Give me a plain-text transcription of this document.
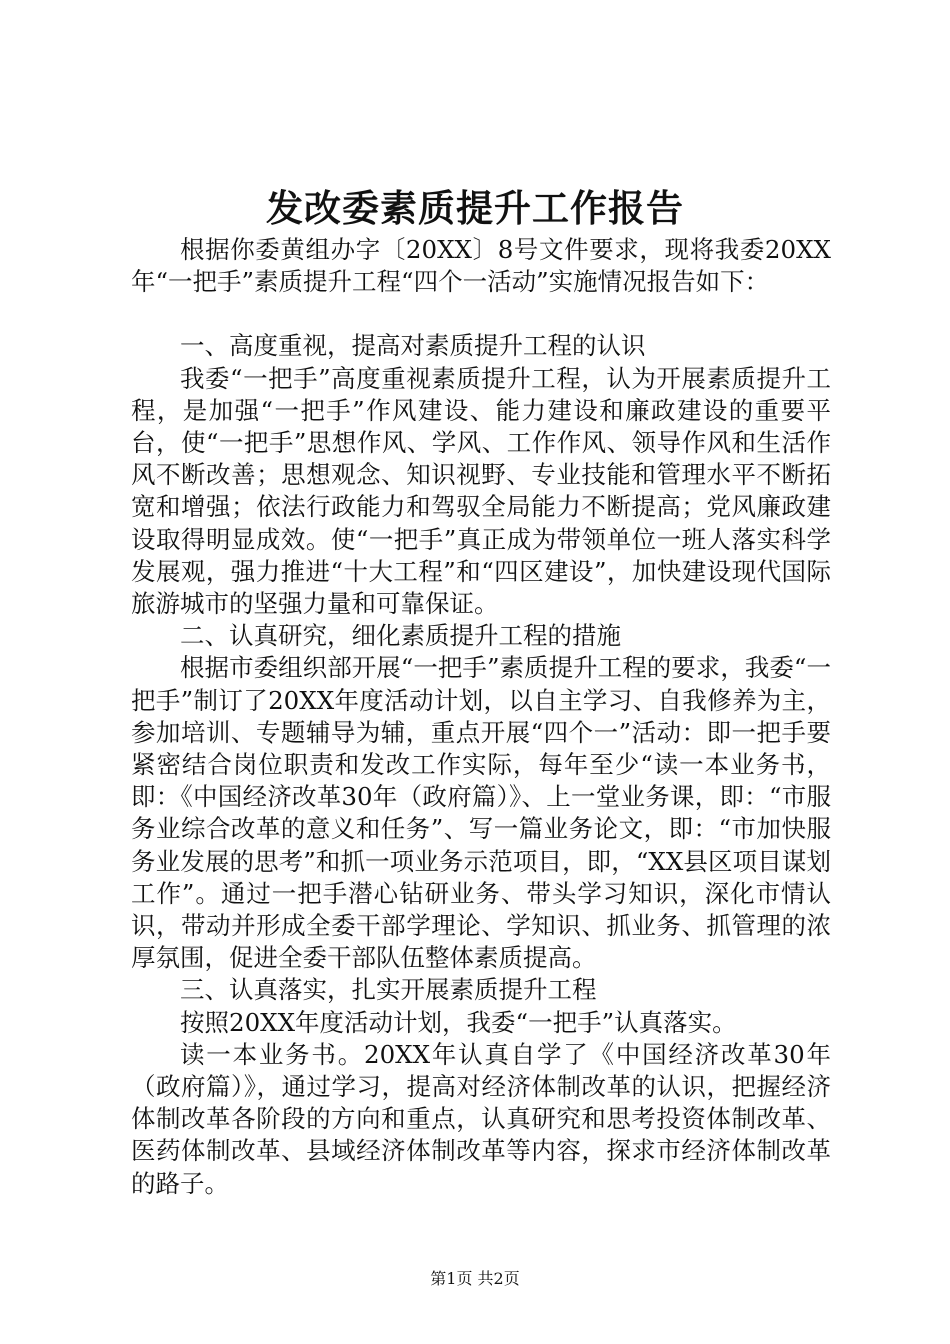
发改委素质提升工作报告

根据你委黄组办字〔20XX〕8号文件要求，现将我委20XX年“一把手”素质提升工程“四个一活动”实施情况报告如下：

一、高度重视，提高对素质提升工程的认识

我委“一把手”高度重视素质提升工程，认为开展素质提升工程，是加强“一把手”作风建设、能力建设和廉政建设的重要平台，使“一把手”思想作风、学风、工作作风、领导作风和生活作风不断改善；思想观念、知识视野、专业技能和管理水平不断拓宽和增强；依法行政能力和驾驭全局能力不断提高；党风廉政建设取得明显成效。使“一把手”真正成为带领单位一班人落实科学发展观，强力推进“十大工程”和“四区建设”，加快建设现代国际旅游城市的坚强力量和可靠保证。

二、认真研究，细化素质提升工程的措施

根据市委组织部开展“一把手”素质提升工程的要求，我委“一把手”制订了20XX年度活动计划，以自主学习、自我修养为主，参加培训、专题辅导为辅，重点开展“四个一”活动：即一把手要紧密结合岗位职责和发改工作实际，每年至少“读一本业务书，即：《中国经济改革30年（政府篇）》、上一堂业务课，即：“市服务业综合改革的意义和任务”、写一篇业务论文，即：“市加快服务业发展的思考”和抓一项业务示范项目，即，“XX县区项目谋划工作”。通过一把手潜心钻研业务、带头学习知识，深化市情认识，带动并形成全委干部学理论、学知识、抓业务、抓管理的浓厚氛围，促进全委干部队伍整体素质提高。

三、认真落实，扎实开展素质提升工程

按照20XX年度活动计划，我委“一把手”认真落实。

读一本业务书。20XX年认真自学了《中国经济改革30年（政府篇）》，通过学习，提高对经济体制改革的认识，把握经济体制改革各阶段的方向和重点，认真研究和思考投资体制改革、医药体制改革、县域经济体制改革等内容，探求市经济体制改革的路子。

第1页 共2页
